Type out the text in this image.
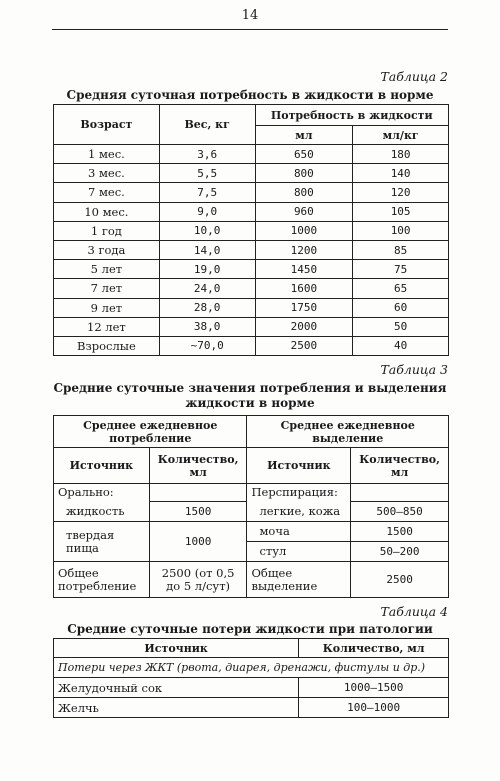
14
Таблица 2
Средняя суточная потребность в жидкости в норме
Возраст	Вес, кг	Потребность в жидкости	
		мл	мл/кг
1 мес.	3,6	650	180
3 мес.	5,5	800	140
7 мес.	7,5	800	120
10 мес.	9,0	960	105
1 год	10,0	1000	100
3 года	14,0	1200	85
5 лет	19,0	1450	75
7 лет	24,0	1600	65
9 лет	28,0	1750	60
12 лет	38,0	2000	50
Взрослые	~70,0	2500	40
Таблица 3
Средние суточные значения потребления и выделения
жидкости в норме
Среднее ежедневное потребление		Среднее ежедневное выделение	
Источник	Количество, мл	Источник	Количество, мл
Орально:		Перспирация:	
жидкость	1500	легкие, кожа	500–850
твердая пища	1000	моча	1500
		стул	50–200
Общее потребление	2500 (от 0,5 до 5 л/сут)	Общее выделение	2500
Таблица 4
Средние суточные потери жидкости при патологии
Источник	Количество, мл
Потери через ЖКТ (рвота, диарея, дренажи, фистулы и др.)	
Желудочный сок	1000–1500
Желчь	100–1000
